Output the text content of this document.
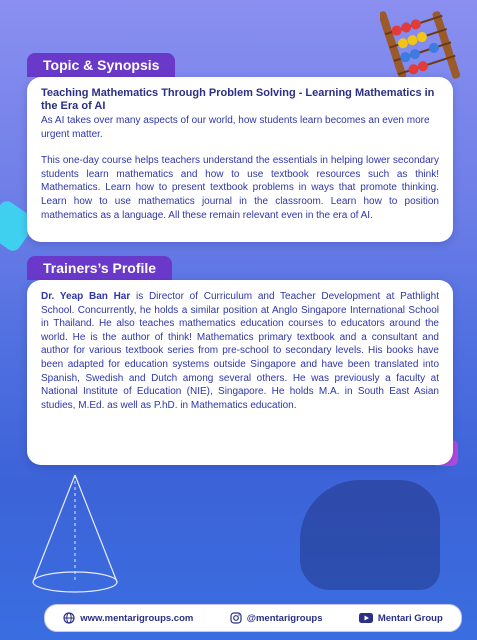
Topic & Synopsis
Teaching Mathematics Through Problem Solving - Learning Mathematics in the Era of AI
As AI takes over many aspects of our world, how students learn becomes an even more urgent matter.
This one-day course helps teachers understand the essentials in helping lower secondary students learn mathematics and how to use textbook resources such as think! Mathematics. Learn how to present textbook problems in ways that promote thinking. Learn how to use mathematics journal in the classroom. Learn how to position mathematics as a language. All these remain relevant even in the era of AI.
Trainers’s Profile
Dr. Yeap Ban Har is Director of Curriculum and Teacher Development at Pathlight School. Concurrently, he holds a similar position at Anglo Singapore International School in Thailand. He also teaches mathematics education courses to educators around the world. He is the author of think! Mathematics primary textbook and a consultant and author for various textbook series from pre-school to secondary levels. His books have been adapted for education systems outside Singapore and have been translated into Spanish, Swedish and Dutch among several others. He was previously a faculty at National Institute of Education (NIE), Singapore. He holds M.A. in South East Asian studies, M.Ed. as well as P.hD. in Mathematics education.
www.mentarigroups.com	@mentarigroups	Mentari Group
